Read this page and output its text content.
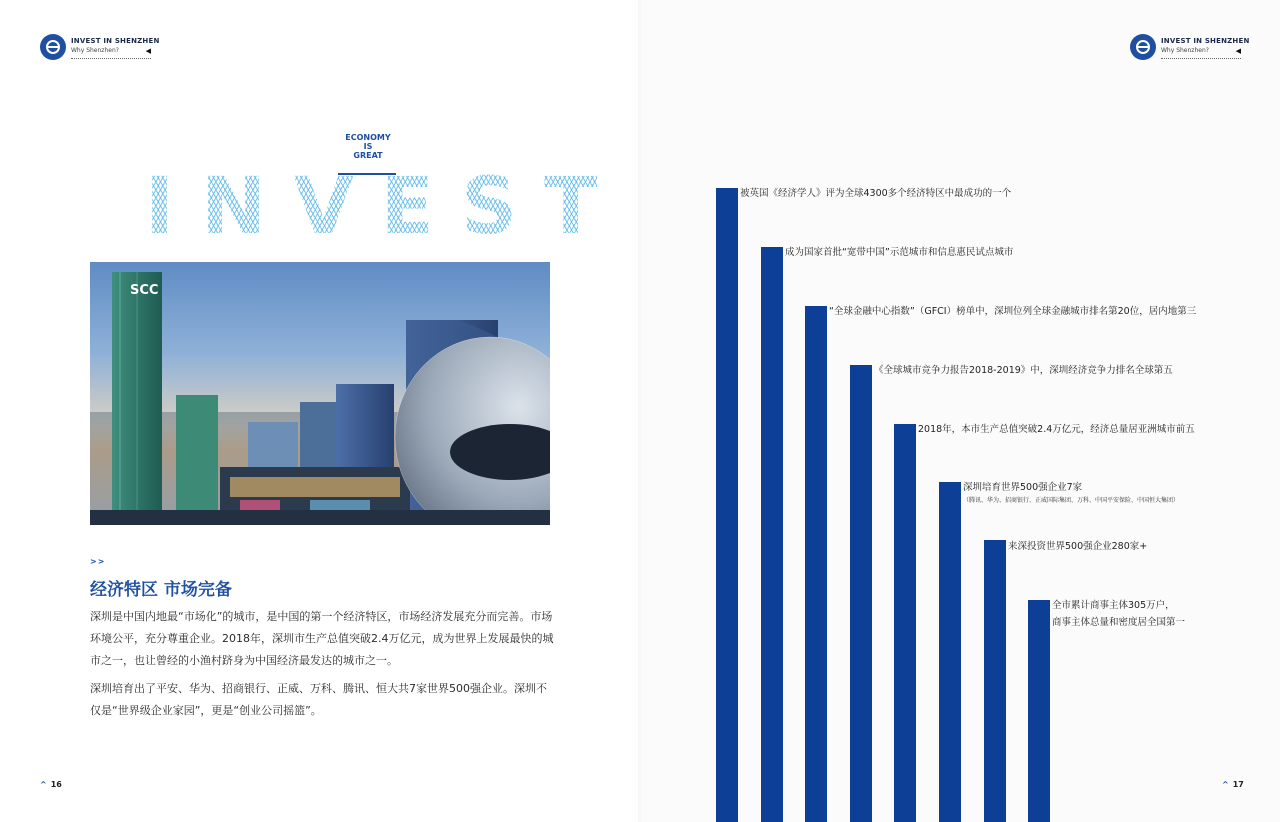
INVEST IN SHENZHEN
Why Shenzhen?	◀
INVEST IN SHENZHEN
Why Shenzhen?	◀
ECONOMY
IS
GREAT
INVEST
SCC
>>
经济特区 市场完备
深圳是中国内地最“市场化”的城市，是中国的第一个经济特区，市场经济发展充分而完善。市场环境公平，充分尊重企业。2018年，深圳市生产总值突破2.4万亿元，成为世界上发展最快的城市之一，也让曾经的小渔村跻身为中国经济最发达的城市之一。
深圳培育出了平安、华为、招商银行、正威、万科、腾讯、恒大共7家世界500强企业。深圳不仅是“世界级企业家园”，更是“创业公司摇篮”。
^ 16	^ 17
被英国《经济学人》评为全球4300多个经济特区中最成功的一个
成为国家首批“宽带中国”示范城市和信息惠民试点城市
“全球金融中心指数”（GFCI）榜单中，深圳位列全球金融城市排名第20位，居内地第三
《全球城市竞争力报告2018-2019》中，深圳经济竞争力排名全球第五
2018年，本市生产总值突破2.4万亿元，经济总量居亚洲城市前五
深圳培育世界500强企业7家
（腾讯、华为、招商银行、正威国际集团、万科、中国平安保险、中国恒大集团）
来深投资世界500强企业280家+
全市累计商事主体305万户，
商事主体总量和密度居全国第一
